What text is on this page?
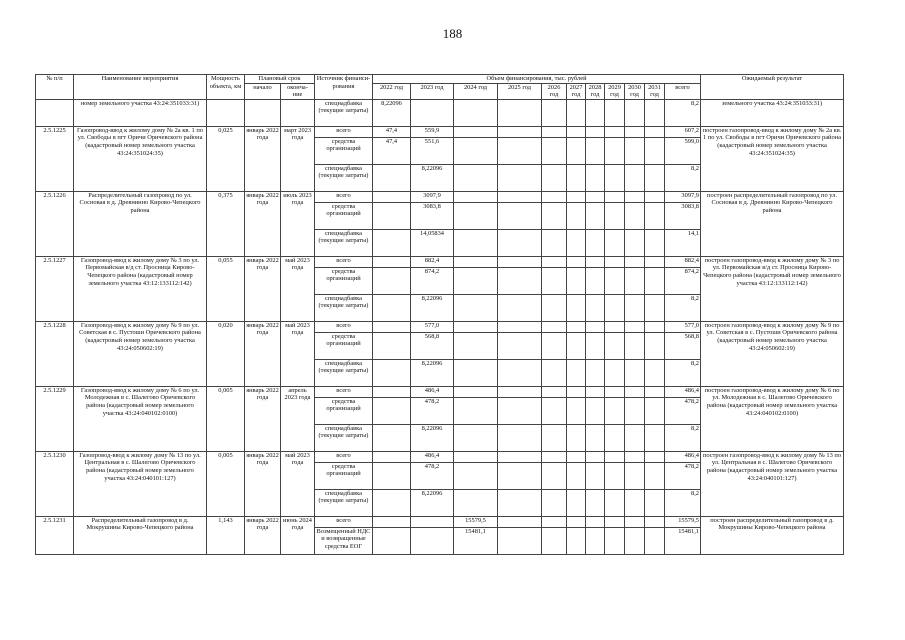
188
№ п/п	Наименование мероприятия	Мощность объекта, км	Плановый срок		Источник финанси- рования	Объем финансирования, тыс. рублей											Ожидаемый результат
			начало	оконча- ние		2022 год	2023 год	2024 год	2025 год	2026 год	2027 год	2028 год	2029 год	2030 год	2031 год	всего	
	номер земельного участка 43:24:351033:31)				спецнадбавка (текущие затраты)	8,22096										8,2	земельного участка 43:24:351033:31)
2.5.1225	Газопровод-ввод к жилому дому № 2а кв. 1 по ул. Свободы в пгт Оричи Оричевского района (кадастровый номер земельного участка 43:24:351024:35)	0,025	январь 2022 года	март 2023 года	всего	47,4	559,9									607,2	построен газопровод-ввод к жилому дому № 2а кв. 1 по ул. Свободы в пгт Оричи Оричевского района (кадастровый номер земельного участка 43:24:351024:35)
					средства организаций	47,4	551,6									599,0	
					спецнадбавка (текущие затраты)		8,22096									8,2	
2.5.1226	Распределительный газопровод по ул. Сосновая в д. Древнинно Кирово-Чепецкого района	0,375	январь 2022 года	июль 2023 года	всего		3097,9									3097,9	построен распределительный газопровод по ул. Сосновая в д. Древнинно Кирово-Чепецкого района
					средства организаций		3083,8									3083,8	
					спецнадбавка (текущие затраты)		14,05834									14,1	
2.5.1227	Газопровод-ввод к жилому дому № 3 по ул. Первомайская в/д ст. Просница Кирово-Чепецкого района (кадастровый номер земельного участка 43:12:133112:142)	0,055	январь 2022 года	май 2023 года	всего		882,4									882,4	построен газопровод-ввод к жилому дому № 3 по ул. Первомайская в/д ст. Просница Кирово-Чепецкого района (кадастровый номер земельного участка 43:12:133112:142)
					средства организаций		874,2									874,2	
					спецнадбавка (текущие затраты)		8,22096									8,2	
2.5.1228	Газопровод-ввод к жилому дому № 9 по ул. Советская в с. Пустоши Оричевского района (кадастровый номер земельного участка 43:24:050602:19)	0,020	январь 2022 года	май 2023 года	всего		577,0									577,0	построен газопровод-ввод к жилому дому № 9 по ул. Советская в с. Пустоши Оричевского района (кадастровый номер земельного участка 43:24:050602:19)
					средства организаций		568,8									568,8	
					спецнадбавка (текущие затраты)		8,22096									8,2	
2.5.1229	Газопровод-ввод к жилому дому № 6 по ул. Молодежная в с. Шалегово Оричевского района (кадастровый номер земельного участка 43:24:040102:0100)	0,005	январь 2022 года	апрель 2023 года	всего		486,4									486,4	построен газопровод-ввод к жилому дому № 6 по ул. Молодежная в с. Шалегово Оричевского района (кадастровый номер земельного участка 43:24:040102:0100)
					средства организаций		478,2									478,2	
					спецнадбавка (текущие затраты)		8,22096									8,2	
2.5.1230	Газопровод-ввод к жилому дому № 13 по ул. Центральная в с. Шалегово Оричевского района (кадастровый номер земельного участка 43:24:040101:127)	0,005	январь 2022 года	май 2023 года	всего		486,4									486,4	построен газопровод-ввод к жилому дому № 13 по ул. Центральная в с. Шалегово Оричевского района (кадастровый номер земельного участка 43:24:040101:127)
					средства организаций		478,2									478,2	
					спецнадбавка (текущие затраты)		8,22096									8,2	
2.5.1231	Распределительный газопровод в д. Мокрушины Кирово-Чепецкого района	1,143	январь 2022 года	июнь 2024 года	всего			15579,5								15579,5	построен распределительный газопровод в д. Мокрушины Кирово-Чепецкого района
					Возмещенный НДС и возвращенные средства ЕОГ			15481,1								15481,1	
